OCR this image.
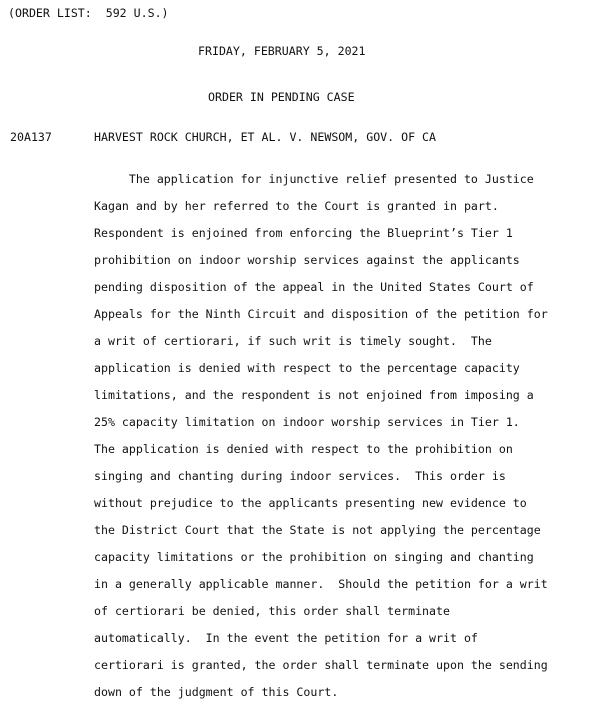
(ORDER LIST:  592 U.S.)
FRIDAY, FEBRUARY 5, 2021
ORDER IN PENDING CASE
20A137	HARVEST ROCK CHURCH, ET AL. V. NEWSOM, GOV. OF CA
The application for injunctive relief presented to Justice
Kagan and by her referred to the Court is granted in part.
Respondent is enjoined from enforcing the Blueprint’s Tier 1
prohibition on indoor worship services against the applicants
pending disposition of the appeal in the United States Court of
Appeals for the Ninth Circuit and disposition of the petition for
a writ of certiorari, if such writ is timely sought.  The
application is denied with respect to the percentage capacity
limitations, and the respondent is not enjoined from imposing a
25% capacity limitation on indoor worship services in Tier 1.
The application is denied with respect to the prohibition on
singing and chanting during indoor services.  This order is
without prejudice to the applicants presenting new evidence to
the District Court that the State is not applying the percentage
capacity limitations or the prohibition on singing and chanting
in a generally applicable manner.  Should the petition for a writ
of certiorari be denied, this order shall terminate
automatically.  In the event the petition for a writ of
certiorari is granted, the order shall terminate upon the sending
down of the judgment of this Court.
